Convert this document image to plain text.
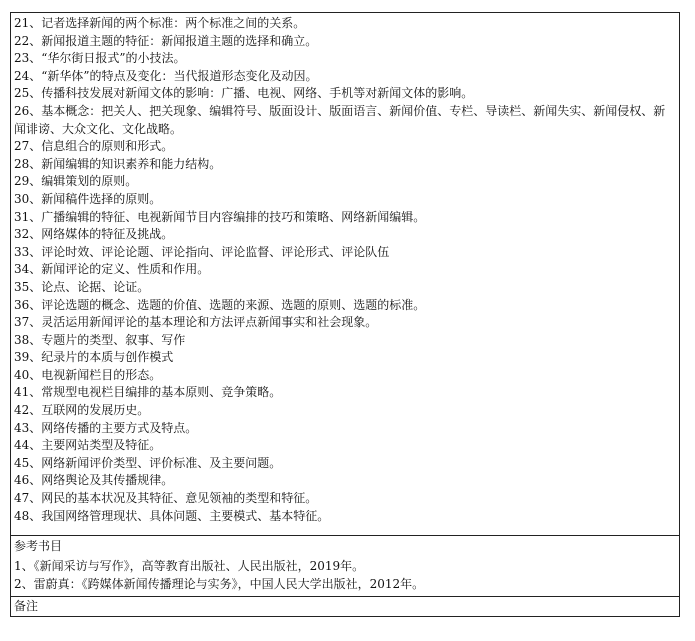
21、记者选择新闻的两个标准：两个标准之间的关系。

22、新闻报道主题的特征：新闻报道主题的选择和确立。

23、“华尔街日报式”的小技法。

24、“新华体”的特点及变化：当代报道形态变化及动因。

25、传播科技发展对新闻文体的影响：广播、电视、网络、手机等对新闻文体的影响。

26、基本概念：把关人、把关现象、编辑符号、版面设计、版面语言、新闻价值、专栏、导读栏、新闻失实、新闻侵权、新闻诽谤、大众文化、文化战略。

27、信息组合的原则和形式。

28、新闻编辑的知识素养和能力结构。

29、编辑策划的原则。

30、新闻稿件选择的原则。

31、广播编辑的特征、电视新闻节目内容编排的技巧和策略、网络新闻编辑。

32、网络媒体的特征及挑战。

33、评论时效、评论论题、评论指向、评论监督、评论形式、评论队伍

34、新闻评论的定义、性质和作用。

35、论点、论据、论证。

36、评论选题的概念、选题的价值、选题的来源、选题的原则、选题的标准。

37、灵活运用新闻评论的基本理论和方法评点新闻事实和社会现象。

38、专题片的类型、叙事、写作

39、纪录片的本质与创作模式

40、电视新闻栏目的形态。

41、常规型电视栏目编排的基本原则、竞争策略。

42、互联网的发展历史。

43、网络传播的主要方式及特点。

44、主要网站类型及特征。

45、网络新闻评价类型、评价标准、及主要问题。

46、网络舆论及其传播规律。

47、网民的基本状况及其特征、意见领袖的类型和特征。

48、我国网络管理现状、具体问题、主要模式、基本特征。

参考书目

1、《新闻采访与写作》，高等教育出版社、人民出版社，2019年。

2、雷蔚真：《跨媒体新闻传播理论与实务》，中国人民大学出版社，2012年。

备注
